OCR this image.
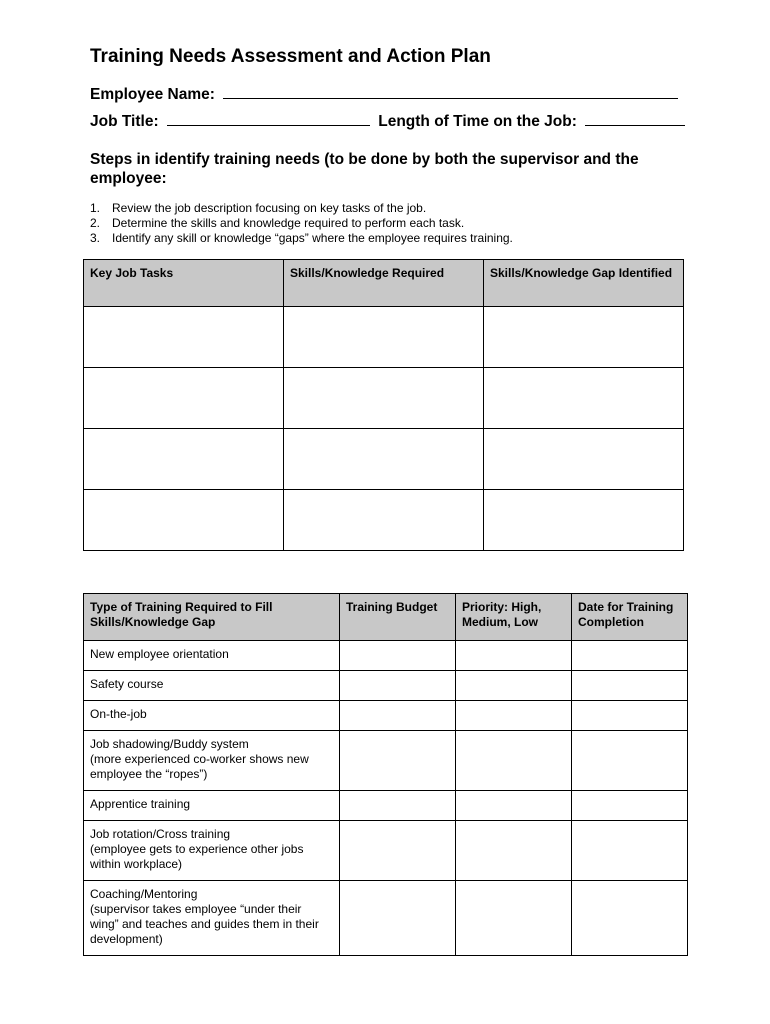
Training Needs Assessment and Action Plan
Employee Name:
Job Title:	Length of Time on the Job:

Steps in identify training needs (to be done by both the supervisor and the employee:

1. Review the job description focusing on key tasks of the job.
2. Determine the skills and knowledge required to perform each task.
3. Identify any skill or knowledge “gaps” where the employee requires training.
Key Job Tasks	Skills/Knowledge Required	Skills/Knowledge Gap Identified

Type of Training Required to Fill Skills/Knowledge Gap	Training Budget	Priority: High, Medium, Low	Date for Training Completion

New employee orientation			

Safety course			

On-the-job			

Job shadowing/Buddy system
(more experienced co-worker shows new
employee the “ropes”)			

Apprentice training			

Job rotation/Cross training
(employee gets to experience other jobs
within workplace)			

Coaching/Mentoring
(supervisor takes employee “under their
wing” and teaches and guides them in their
development)			
